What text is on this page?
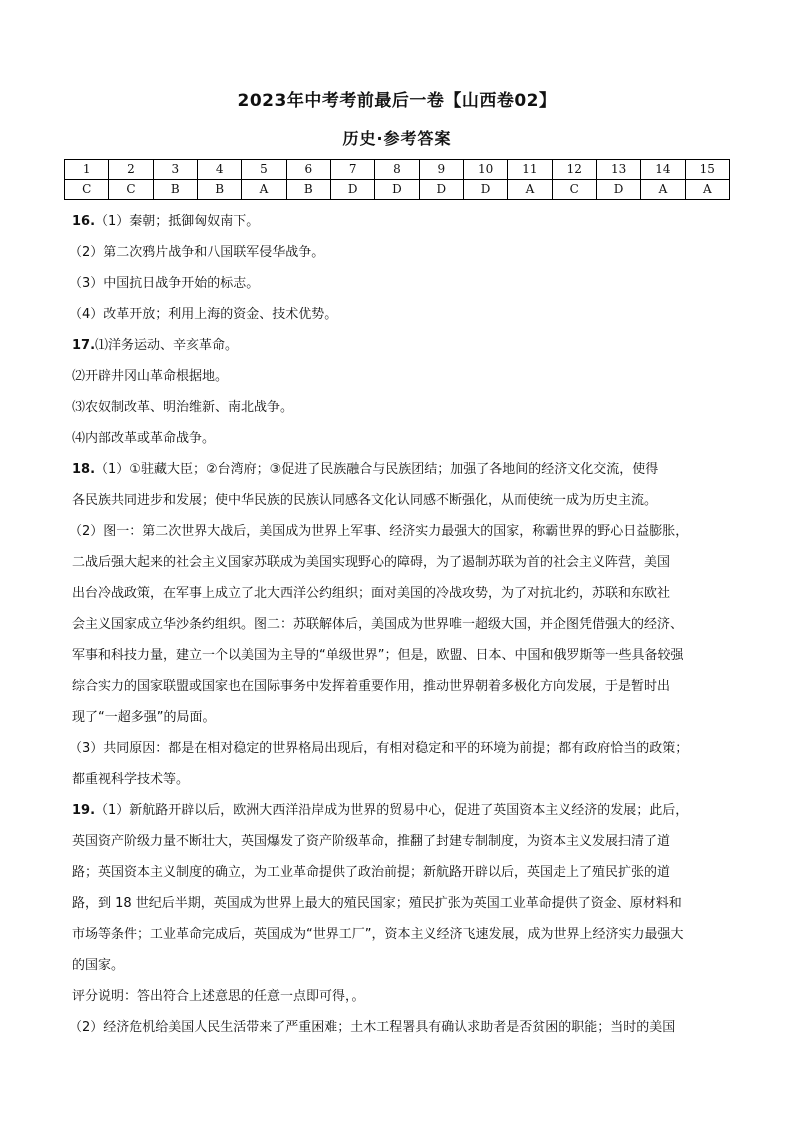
2023年中考考前最后一卷【山西卷02】
历史·参考答案
1	2	3	4	5	6	7	8	9	10	11	12	13	14	15
C	C	B	B	A	B	D	D	D	D	A	C	D	A	A

16.（1）秦朝；抵御匈奴南下。

（2）第二次鸦片战争和八国联军侵华战争。

（3）中国抗日战争开始的标志。

（4）改革开放；利用上海的资金、技术优势。

17.⑴洋务运动、辛亥革命。

⑵开辟井冈山革命根据地。

⑶农奴制改革、明治维新、南北战争。

⑷内部改革或革命战争。

18.（1）①驻藏大臣；②台湾府；③促进了民族融合与民族团结；加强了各地间的经济文化交流，使得

各民族共同进步和发展；使中华民族的民族认同感各文化认同感不断强化，从而使统一成为历史主流。

（2）图一：第二次世界大战后，美国成为世界上军事、经济实力最强大的国家，称霸世界的野心日益膨胀，

二战后强大起来的社会主义国家苏联成为美国实现野心的障碍，为了遏制苏联为首的社会主义阵营，美国

出台冷战政策，在军事上成立了北大西洋公约组织；面对美国的冷战攻势，为了对抗北约，苏联和东欧社

会主义国家成立华沙条约组织。图二：苏联解体后，美国成为世界唯一超级大国，并企图凭借强大的经济、

军事和科技力量，建立一个以美国为主导的“单级世界”；但是，欧盟、日本、中国和俄罗斯等一些具备较强

综合实力的国家联盟或国家也在国际事务中发挥着重要作用，推动世界朝着多极化方向发展，于是暂时出

现了“一超多强”的局面。

（3）共同原因：都是在相对稳定的世界格局出现后，有相对稳定和平的环境为前提；都有政府恰当的政策；

都重视科学技术等。

19.（1）新航路开辟以后，欧洲大西洋沿岸成为世界的贸易中心，促进了英国资本主义经济的发展；此后，

英国资产阶级力量不断壮大，英国爆发了资产阶级革命，推翻了封建专制制度，为资本主义发展扫清了道

路；英国资本主义制度的确立，为工业革命提供了政治前提；新航路开辟以后，英国走上了殖民扩张的道

路，到 18 世纪后半期，英国成为世界上最大的殖民国家；殖民扩张为英国工业革命提供了资金、原材料和

市场等条件；工业革命完成后，英国成为“世界工厂”，资本主义经济飞速发展，成为世界上经济实力最强大

的国家。

评分说明：答出符合上述意思的任意一点即可得，。

（2）经济危机给美国人民生活带来了严重困难；土木工程署具有确认求助者是否贫困的职能；当时的美国
